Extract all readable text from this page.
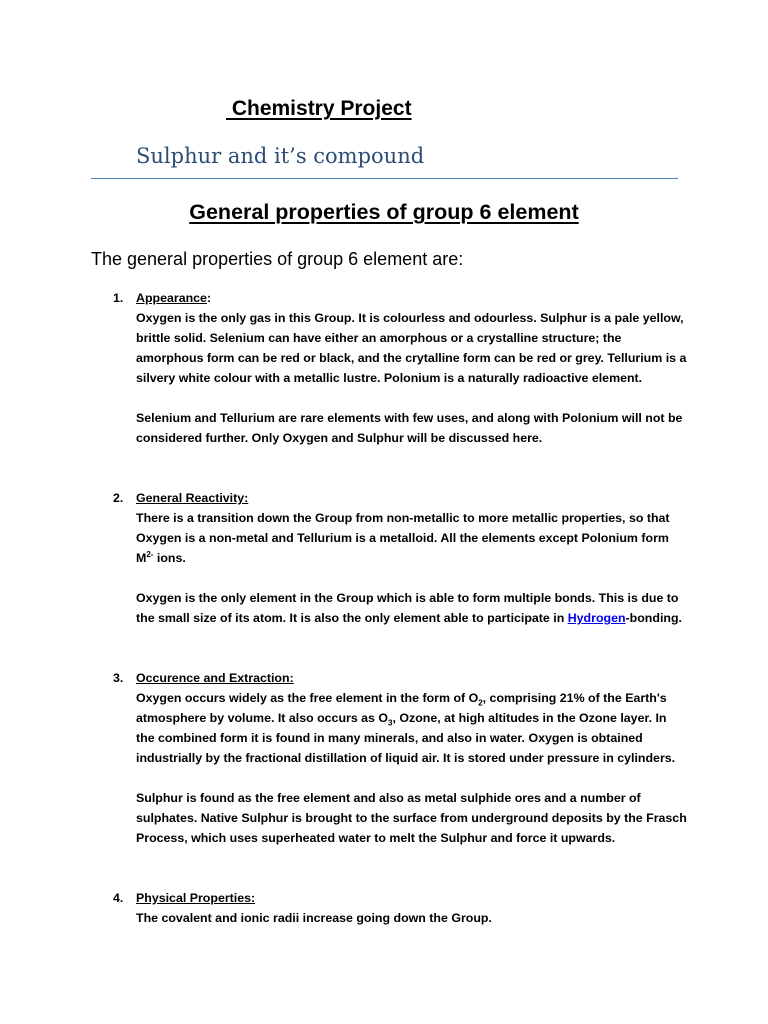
Chemistry Project
Sulphur and it’s compound
General properties of group 6 element
The general properties of group 6 element are:
1. Appearance:

Oxygen is the only gas in this Group. It is colourless and odourless. Sulphur is a pale yellow, brittle solid. Selenium can have either an amorphous or a crystalline structure; the amorphous form can be red or black, and the crytalline form can be red or grey. Tellurium is a silvery white colour with a metallic lustre. Polonium is a naturally radioactive element.

Selenium and Tellurium are rare elements with few uses, and along with Polonium will not be considered further. Only Oxygen and Sulphur will be discussed here.

2. General Reactivity:

There is a transition down the Group from non-metallic to more metallic properties, so that Oxygen is a non-metal and Tellurium is a metalloid. All the elements except Polonium form $M^{2-}$ ions.

Oxygen is the only element in the Group which is able to form multiple bonds. This is due to the small size of its atom. It is also the only element able to participate in Hydrogen-bonding.

3. Occurence and Extraction:

Oxygen occurs widely as the free element in the form of $O_2$, comprising 21% of the Earth's atmosphere by volume. It also occurs as $O_3$, Ozone, at high altitudes in the Ozone layer. In the combined form it is found in many minerals, and also in water. Oxygen is obtained industrially by the fractional distillation of liquid air. It is stored under pressure in cylinders.

Sulphur is found as the free element and also as metal sulphide ores and a number of sulphates. Native Sulphur is brought to the surface from underground deposits by the Frasch Process, which uses superheated water to melt the Sulphur and force it upwards.

4. Physical Properties:

The covalent and ionic radii increase going down the Group.
